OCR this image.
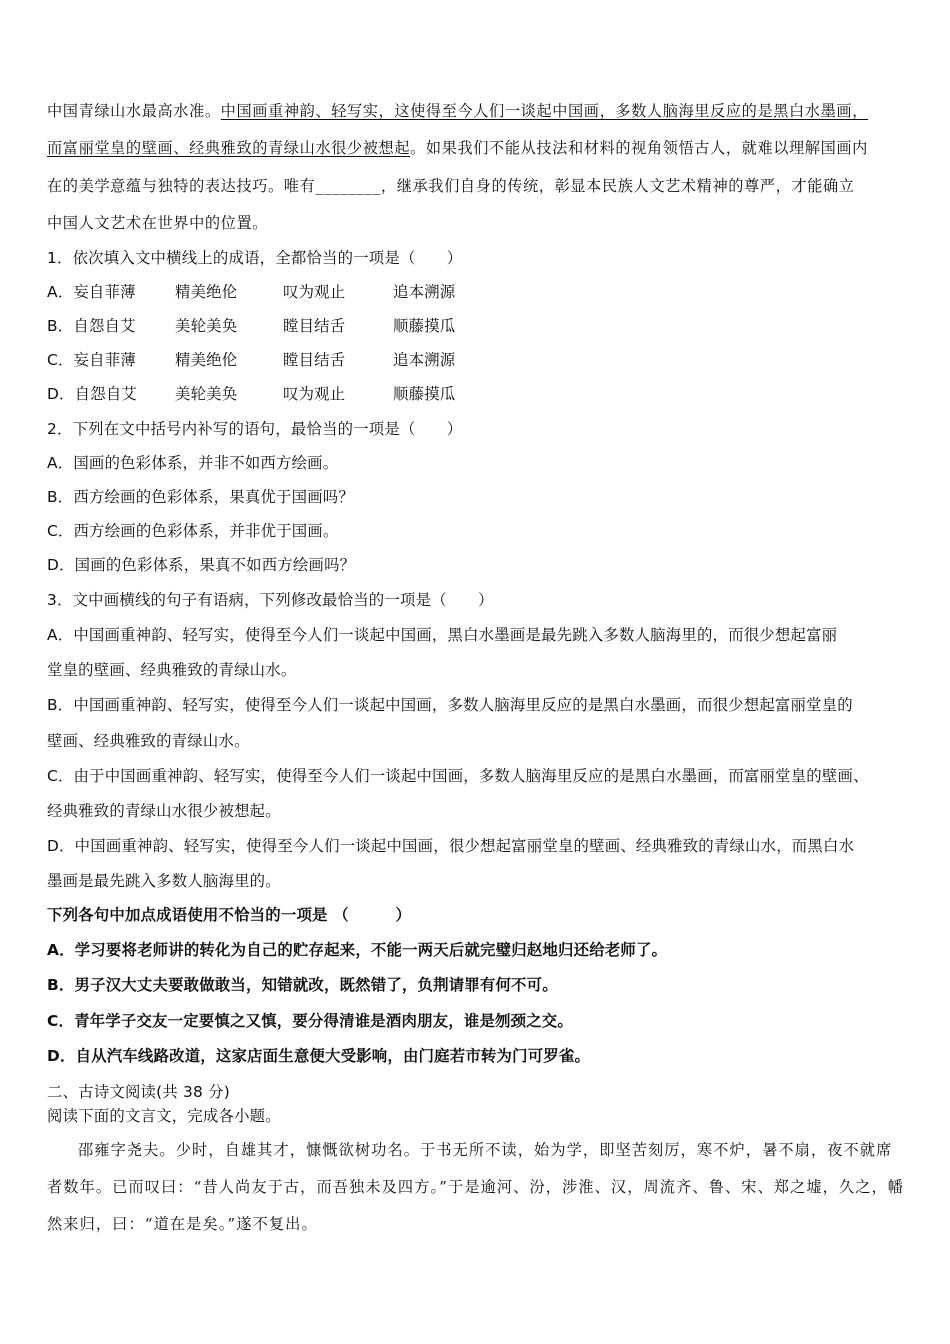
中国青绿山水最高水准。中国画重神韵、轻写实，这使得至今人们一谈起中国画，多数人脑海里反应的是黑白水墨画，
而富丽堂皇的壁画、经典雅致的青绿山水很少被想起。如果我们不能从技法和材料的视角领悟古人，就难以理解国画内
在的美学意蕴与独特的表达技巧。唯有________，继承我们自身的传统，彰显本民族人文艺术精神的尊严，才能确立
中国人文艺术在世界中的位置。
1．依次填入文中横线上的成语，全都恰当的一项是（　　）
A．妄自菲薄	精美绝伦	叹为观止	追本溯源
B．自怨自艾	美轮美奂	瞠目结舌	顺藤摸瓜
C．妄自菲薄	精美绝伦	瞠目结舌	追本溯源
D．自怨自艾 美轮美奂	叹为观止	顺藤摸瓜
2．下列在文中括号内补写的语句，最恰当的一项是（　　）
A．国画的色彩体系，并非不如西方绘画。
B．西方绘画的色彩体系，果真优于国画吗？
C．西方绘画的色彩体系，并非优于国画。
D．国画的色彩体系，果真不如西方绘画吗？
3．文中画横线的句子有语病，下列修改最恰当的一项是（　　）
A．中国画重神韵、轻写实，使得至今人们一谈起中国画，黑白水墨画是最先跳入多数人脑海里的，而很少想起富丽
堂皇的壁画、经典雅致的青绿山水。
B．中国画重神韵、轻写实，使得至今人们一谈起中国画，多数人脑海里反应的是黑白水墨画，而很少想起富丽堂皇的
壁画、经典雅致的青绿山水。
C．由于中国画重神韵、轻写实，使得至今人们一谈起中国画，多数人脑海里反应的是黑白水墨画，而富丽堂皇的壁画、
经典雅致的青绿山水很少被想起。
D．中国画重神韵、轻写实，使得至今人们一谈起中国画，很少想起富丽堂皇的壁画、经典雅致的青绿山水，而黑白水
墨画是最先跳入多数人脑海里的。
下列各句中加点成语使用不恰当的一项是 （　　　）
A．学习要将老师讲的转化为自己的贮存起来，不能一两天后就完璧归赵地归还给老师了。
B．男子汉大丈夫要敢做敢当，知错就改，既然错了，负荆请罪有何不可。
C．青年学子交友一定要慎之又慎，要分得清谁是酒肉朋友，谁是刎颈之交。
D．自从汽车线路改道，这家店面生意便大受影响，由门庭若市转为门可罗雀。
二、古诗文阅读(共 38 分)
阅读下面的文言文，完成各小题。
邵雍字尧夫。少时，自雄其才，慷慨欲树功名。于书无所不读，始为学，即坚苦刻厉，寒不炉，暑不扇，夜不就席
者数年。已而叹曰：“昔人尚友于古，而吾独未及四方。”于是逾河、汾，涉淮、汉，周流齐、鲁、宋、郑之墟，久之，幡
然来归，曰：“道在是矣。”遂不复出。
